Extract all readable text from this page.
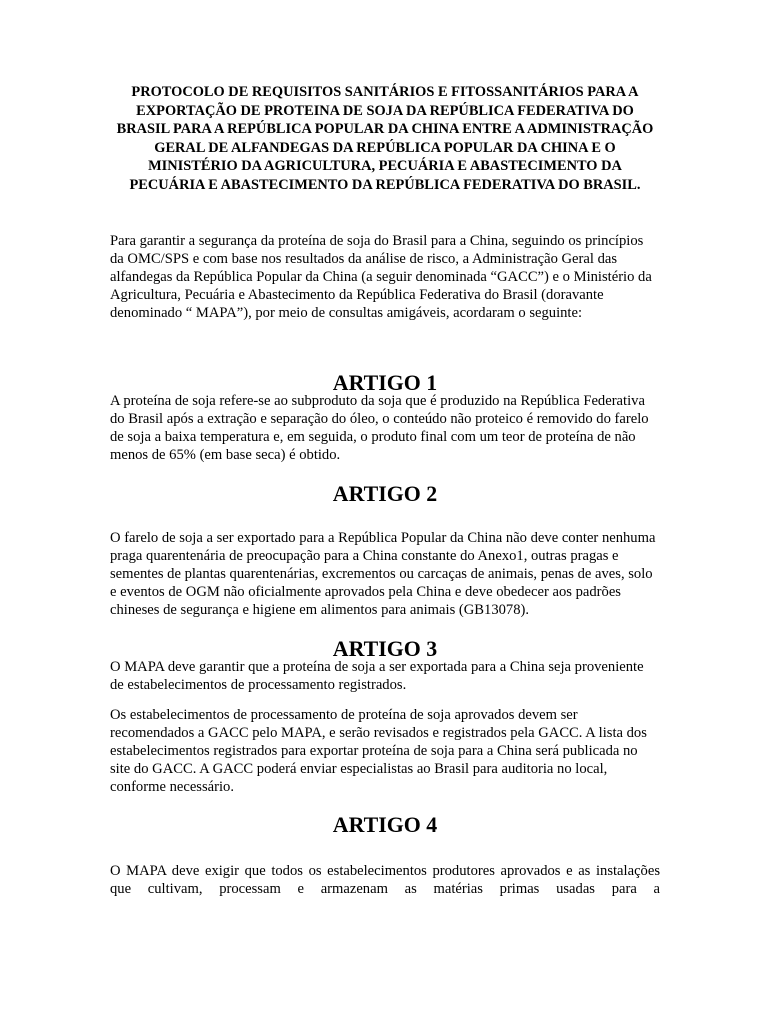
PROTOCOLO DE REQUISITOS SANITÁRIOS E FITOSSANITÁRIOS PARA A EXPORTAÇÃO DE PROTEINA DE SOJA DA REPÚBLICA FEDERATIVA DO BRASIL PARA A REPÚBLICA POPULAR DA CHINA ENTRE A ADMINISTRAÇÃO GERAL DE ALFANDEGAS DA REPÚBLICA POPULAR DA CHINA E O MINISTÉRIO DA AGRICULTURA, PECUÁRIA E ABASTECIMENTO DA PECUÁRIA E ABASTECIMENTO DA REPÚBLICA FEDERATIVA DO BRASIL.

Para garantir a segurança da proteína de soja do Brasil para a China, seguindo os princípios da OMC/SPS e com base nos resultados da análise de risco, a Administração Geral das alfandegas da República Popular da China (a seguir denominada “GACC”) e o Ministério da Agricultura, Pecuária e Abastecimento da República Federativa do Brasil (doravante denominado “ MAPA”), por meio de consultas amigáveis, acordaram o seguinte:

ARTIGO 1

A proteína de soja refere-se ao subproduto da soja que é produzido na República Federativa do Brasil após a extração e separação do óleo, o conteúdo não proteico é removido do farelo de soja a baixa temperatura e, em seguida, o produto final com um teor de proteína de não menos de 65% (em base seca) é obtido.

ARTIGO 2

O farelo de soja a ser exportado para a República Popular da China não deve conter nenhuma praga quarentenária de preocupação para a China constante do Anexo1, outras pragas e sementes de plantas quarentenárias, excrementos ou carcaças de animais, penas de aves, solo e eventos de OGM não oficialmente aprovados pela China e deve obedecer aos padrões chineses de segurança e higiene em alimentos para animais (GB13078).

ARTIGO 3

O MAPA deve garantir que a proteína de soja a ser exportada para a China seja proveniente de estabelecimentos de processamento registrados.

Os estabelecimentos de processamento de proteína de soja aprovados devem ser recomendados a GACC pelo MAPA, e serão revisados e registrados pela GACC. A lista dos estabelecimentos registrados para exportar proteína de soja para a China será publicada no site do GACC. A GACC poderá enviar especialistas ao Brasil para auditoria no local, conforme necessário.

ARTIGO 4

O MAPA deve exigir que todos os estabelecimentos produtores aprovados e as instalações que cultivam, processam e armazenam as matérias primas usadas para a
